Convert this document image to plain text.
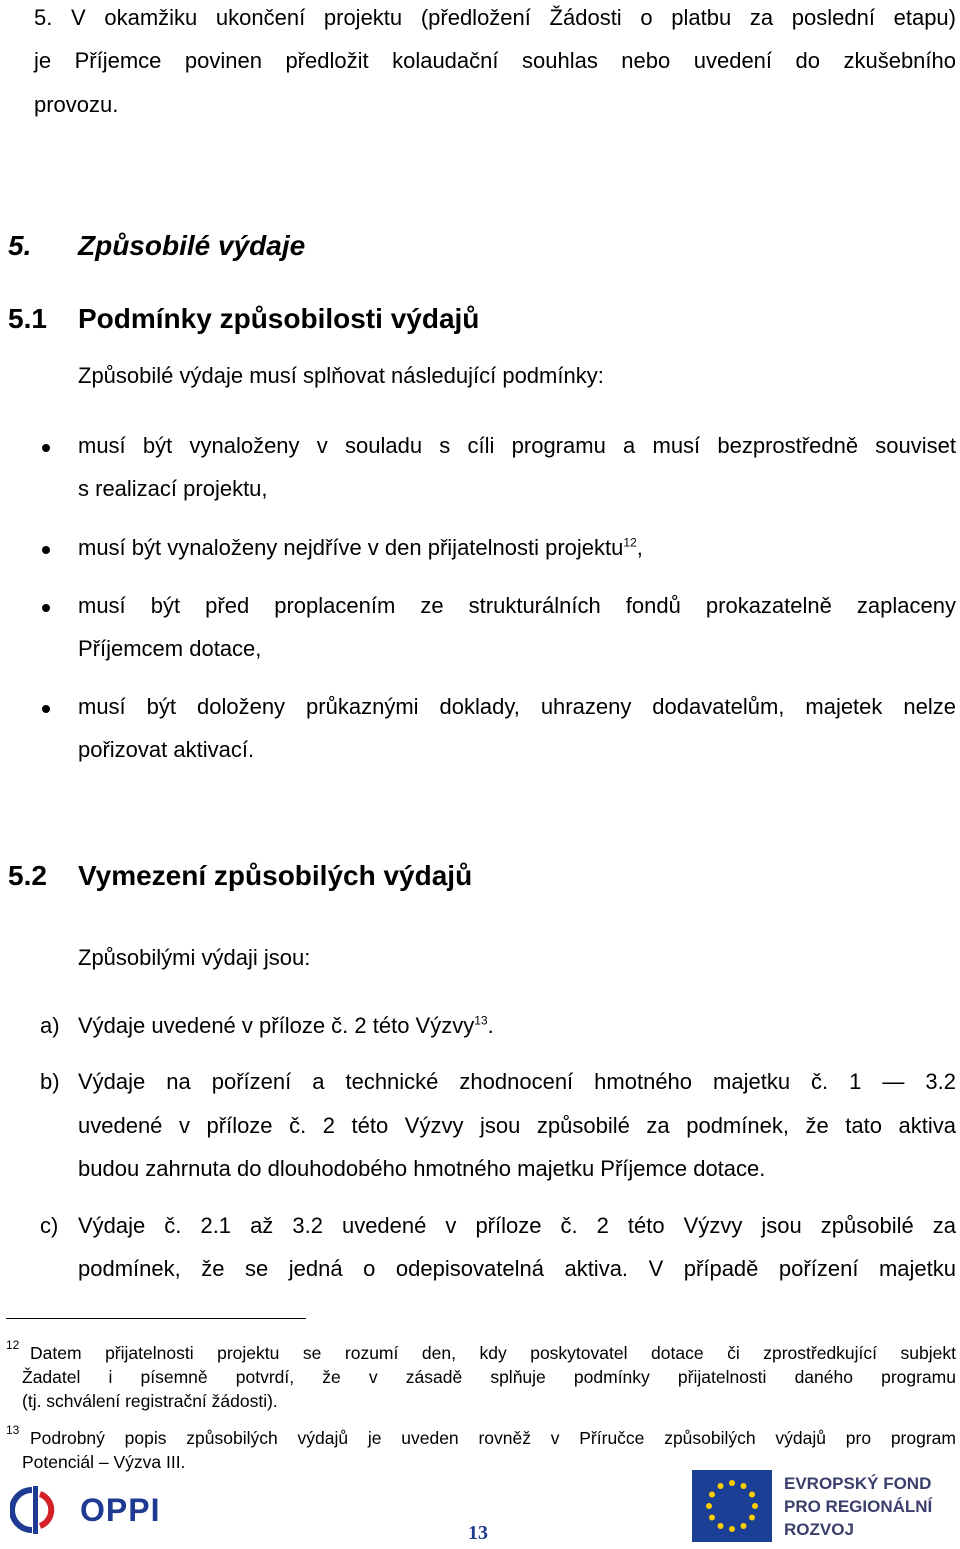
5. V okamžiku ukončení projektu (předložení Žádosti o platbu za poslední etapu)
je Příjemce povinen předložit kolaudační souhlas nebo uvedení do zkušebního
provozu.
5. Způsobilé výdaje
5.1 Podmínky způsobilosti výdajů
Způsobilé výdaje musí splňovat následující podmínky:
musí být vynaloženy v souladu s cíli programu a musí bezprostředně souviset
s realizací projektu,
musí být vynaloženy nejdříve v den přijatelnosti projektu$^{12}$,
musí být před proplacením ze strukturálních fondů prokazatelně zaplaceny
Příjemcem dotace,
musí být doloženy průkaznými doklady, uhrazeny dodavatelům, majetek nelze
pořizovat aktivací.
5.2 Vymezení způsobilých výdajů
Způsobilými výdaji jsou:
a) Výdaje uvedené v příloze č. 2 této Výzvy$^{13}$.
b) Výdaje na pořízení a technické zhodnocení hmotného majetku č. 1 — 3.2
uvedené v příloze č. 2 této Výzvy jsou způsobilé za podmínek, že tato aktiva
budou zahrnuta do dlouhodobého hmotného majetku Příjemce dotace.
c) Výdaje č. 2.1 až 3.2 uvedené v příloze č. 2 této Výzvy jsou způsobilé za
podmínek, že se jedná o odepisovatelná aktiva. V případě pořízení majetku
12 Datem přijatelnosti projektu se rozumí den, kdy poskytovatel dotace či zprostředkující subjekt
Žadatel i písemně potvrdí, že v zásadě splňuje podmínky přijatelnosti daného programu
(tj. schválení registrační žádosti).
13 Podrobný popis způsobilých výdajů je uveden rovněž v Příručce způsobilých výdajů pro program
Potenciál – Výzva III.
OPPI
13
EVROPSKÝ FOND
PRO REGIONÁLNÍ
ROZVOJ
